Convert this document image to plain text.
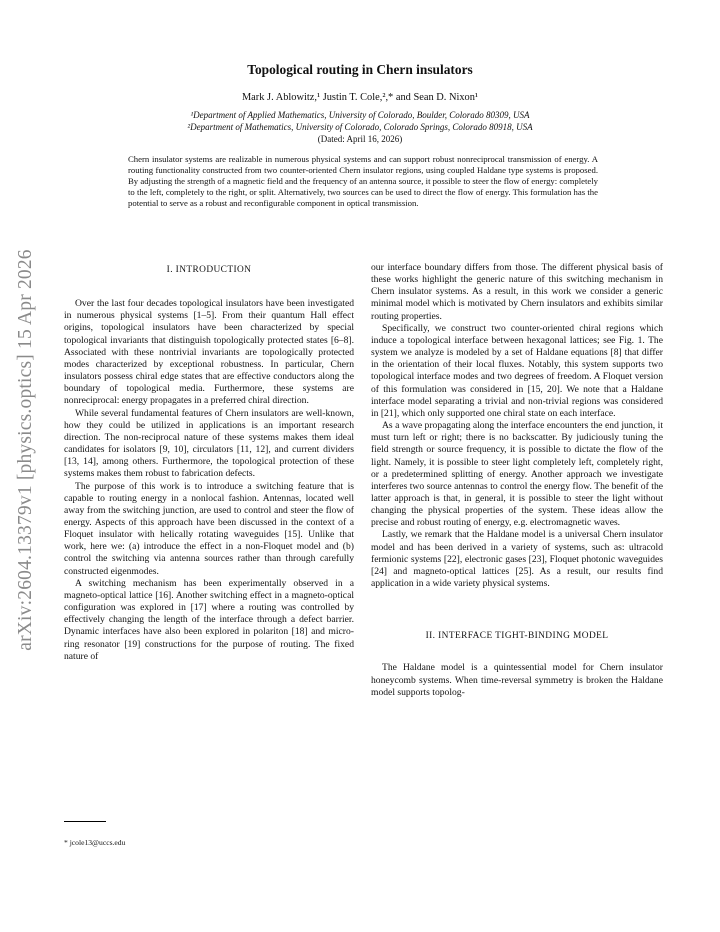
arXiv:2604.13379v1 [physics.optics] 15 Apr 2026
Topological routing in Chern insulators
Mark J. Ablowitz,¹ Justin T. Cole,²,* and Sean D. Nixon¹
¹Department of Applied Mathematics, University of Colorado, Boulder, Colorado 80309, USA
²Department of Mathematics, University of Colorado, Colorado Springs, Colorado 80918, USA
(Dated: April 16, 2026)
Chern insulator systems are realizable in numerous physical systems and can support robust nonreciprocal transmission of energy. A routing functionality constructed from two counter-oriented Chern insulator regions, using coupled Haldane type systems is proposed. By adjusting the strength of a magnetic field and the frequency of an antenna source, it possible to steer the flow of energy: completely to the left, completely to the right, or split. Alternatively, two sources can be used to direct the flow of energy. This formulation has the potential to serve as a robust and reconfigurable component in optical transmission.
I. INTRODUCTION

Over the last four decades topological insulators have been investigated in numerous physical systems [1–5]. From their quantum Hall effect origins, topological insulators have been characterized by special topological invariants that distinguish topologically protected states [6–8]. Associated with these nontrivial invariants are topologically protected modes characterized by exceptional robustness. In particular, Chern insulators possess chiral edge states that are effective conductors along the boundary of topological media. Furthermore, these systems are nonreciprocal: energy propagates in a preferred chiral direction.

While several fundamental features of Chern insulators are well-known, how they could be utilized in applications is an important research direction. The non-reciprocal nature of these systems makes them ideal candidates for isolators [9, 10], circulators [11, 12], and current dividers [13, 14], among others. Furthermore, the topological protection of these systems makes them robust to fabrication defects.

The purpose of this work is to introduce a switching feature that is capable to routing energy in a nonlocal fashion. Antennas, located well away from the switching junction, are used to control and steer the flow of energy. Aspects of this approach have been discussed in the context of a Floquet insulator with helically rotating waveguides [15]. Unlike that work, here we: (a) introduce the effect in a non-Floquet model and (b) control the switching via antenna sources rather than through carefully constructed eigenmodes.

A switching mechanism has been experimentally observed in a magneto-optical lattice [16]. Another switching effect in a magneto-optical configuration was explored in [17] where a routing was controlled by effectively changing the length of the interface through a defect barrier. Dynamic interfaces have also been explored in polariton [18] and micro-ring resonator [19] constructions for the purpose of routing. The fixed nature of

our interface boundary differs from those. The different physical basis of these works highlight the generic nature of this switching mechanism in Chern insulator systems. As a result, in this work we consider a generic minimal model which is motivated by Chern insulators and exhibits similar routing properties.

Specifically, we construct two counter-oriented chiral regions which induce a topological interface between hexagonal lattices; see Fig. 1. The system we analyze is modeled by a set of Haldane equations [8] that differ in the orientation of their local fluxes. Notably, this system supports two topological interface modes and two degrees of freedom. A Floquet version of this formulation was considered in [15, 20]. We note that a Haldane interface model separating a trivial and non-trivial regions was considered in [21], which only supported one chiral state on each interface.

As a wave propagating along the interface encounters the end junction, it must turn left or right; there is no backscatter. By judiciously tuning the field strength or source frequency, it is possible to dictate the flow of the light. Namely, it is possible to steer light completely left, completely right, or a predetermined splitting of energy. Another approach we investigate interferes two source antennas to control the energy flow. The benefit of the latter approach is that, in general, it is possible to steer the light without changing the physical properties of the system. These ideas allow the precise and robust routing of energy, e.g. electromagnetic waves.

Lastly, we remark that the Haldane model is a universal Chern insulator model and has been derived in a variety of systems, such as: ultracold fermionic systems [22], electronic gases [23], Floquet photonic waveguides [24] and magneto-optical lattices [25]. As a result, our results find application in a wide variety physical systems.

II. INTERFACE TIGHT-BINDING MODEL

The Haldane model is a quintessential model for Chern insulator honeycomb systems. When time-reversal symmetry is broken the Haldane model supports topolog-

* jcole13@uccs.edu
